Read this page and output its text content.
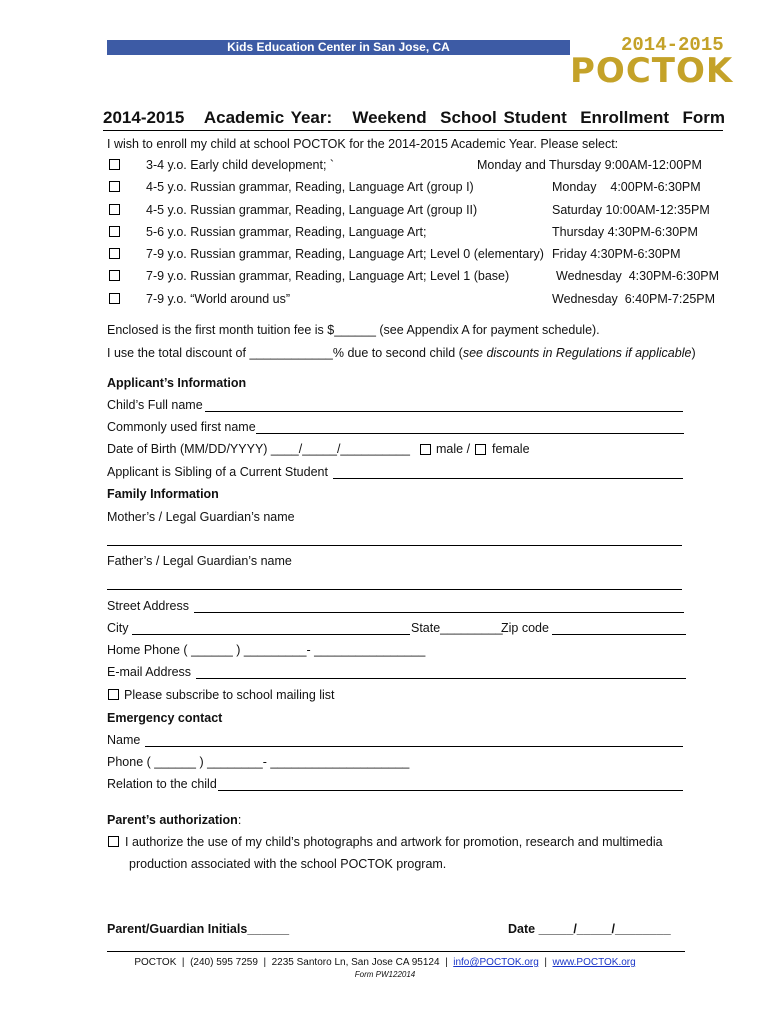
Kids Education Center in San Jose, CA	2014-2015
POCTOK
2014-2015   Academic Year:   Weekend  School Student  Enrollment  Form
I wish to enroll my child at school POCTOK for the 2014-2015 Academic Year. Please select:
3-4 y.o. Early child development; `	Monday and Thursday 9:00AM-12:00PM
4-5 y.o. Russian grammar, Reading, Language Art (group I)	Monday    4:00PM-6:30PM
4-5 y.o. Russian grammar, Reading, Language Art (group II)	Saturday 10:00AM-12:35PM
5-6 y.o. Russian grammar, Reading, Language Art;	Thursday 4:30PM-6:30PM
7-9 y.o. Russian grammar, Reading, Language Art; Level 0 (elementary) Friday 4:30PM-6:30PM
7-9 y.o. Russian grammar, Reading, Language Art; Level 1 (base)	Wednesday  4:30PM-6:30PM
7-9 y.o. “World around us”	Wednesday  6:40PM-7:25PM
Enclosed is the first month tuition fee is $______ (see Appendix A for payment schedule).
I use the total discount of ____________% due to second child (see discounts in Regulations if applicable)
Applicant’s Information
Child’s Full name
Commonly used first name
Date of Birth (MM/DD/YYYY) ____/_____/__________ male / female
Applicant is Sibling of a Current Student
Family Information
Mother’s / Legal Guardian’s name
Father’s / Legal Guardian’s name
Street Address
City	State_________
Zip code
Home Phone ( ______ ) _________- ________________
E-mail Address
Please subscribe to school mailing list
Emergency contact
Name
Phone ( ______ ) ________- ____________________
Relation to the child
Parent’s authorization:
I authorize the use of my child’s photographs and artwork for promotion, research and multimedia
production associated with the school POCTOK program.
Parent/Guardian Initials______	Date _____/_____/________
POCTOK  |  (240) 595 7259  |  2235 Santoro Ln, San Jose CA 95124  |  info@POCTOK.org  |  www.POCTOK.org
Form PW122014
